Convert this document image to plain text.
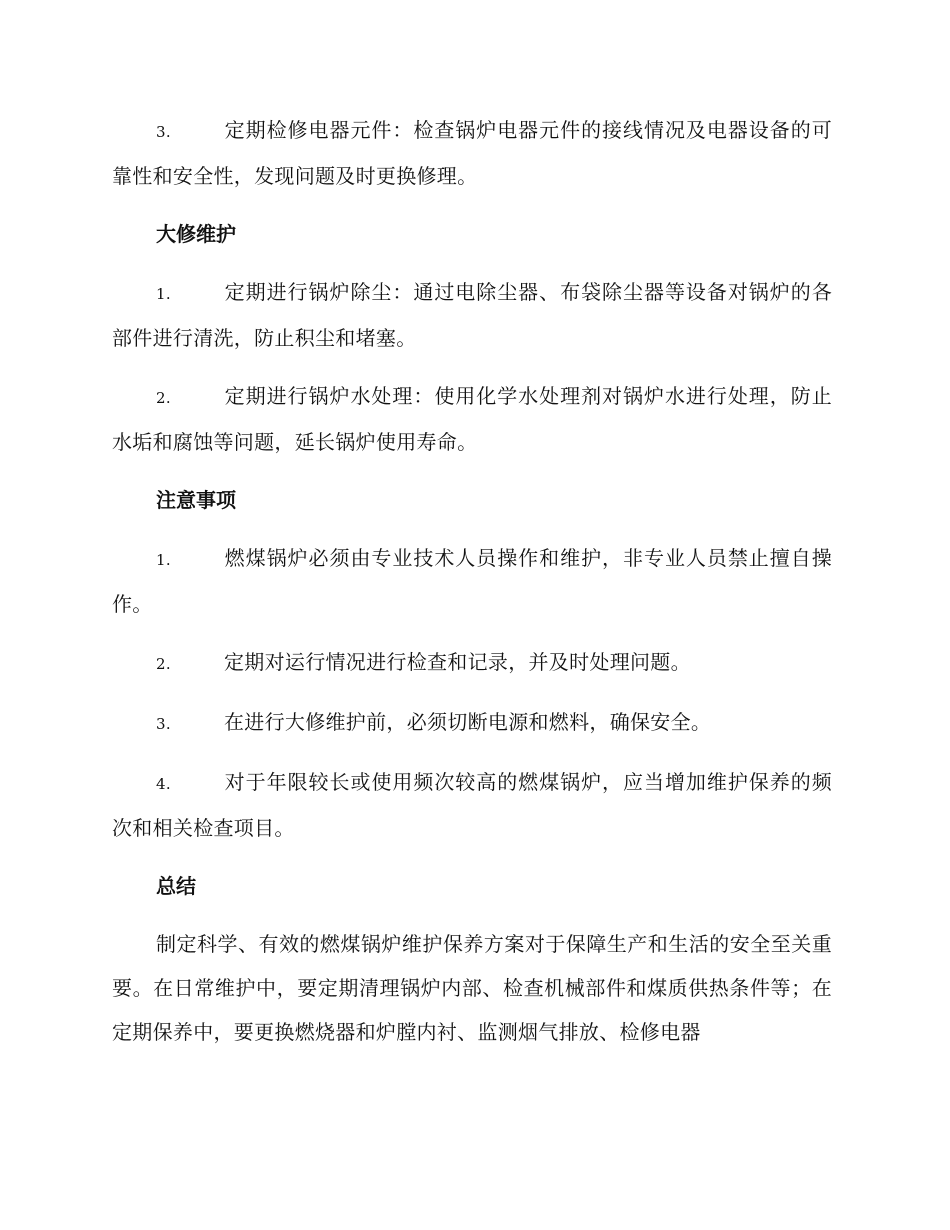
3.	定期检修电器元件：检查锅炉电器元件的接线情况及电器设备的可靠性和安全性，发现问题及时更换修理。

大修维护

1.	定期进行锅炉除尘：通过电除尘器、布袋除尘器等设备对锅炉的各部件进行清洗，防止积尘和堵塞。

2.	定期进行锅炉水处理：使用化学水处理剂对锅炉水进行处理，防止水垢和腐蚀等问题，延长锅炉使用寿命。

注意事项

1.	燃煤锅炉必须由专业技术人员操作和维护，非专业人员禁止擅自操作。

2.	定期对运行情况进行检查和记录，并及时处理问题。

3.	在进行大修维护前，必须切断电源和燃料，确保安全。

4.	对于年限较长或使用频次较高的燃煤锅炉，应当增加维护保养的频次和相关检查项目。

总结

制定科学、有效的燃煤锅炉维护保养方案对于保障生产和生活的安全至关重要。在日常维护中，要定期清理锅炉内部、检查机械部件和煤质供热条件等；在定期保养中，要更换燃烧器和炉膛内衬、监测烟气排放、检修电器
